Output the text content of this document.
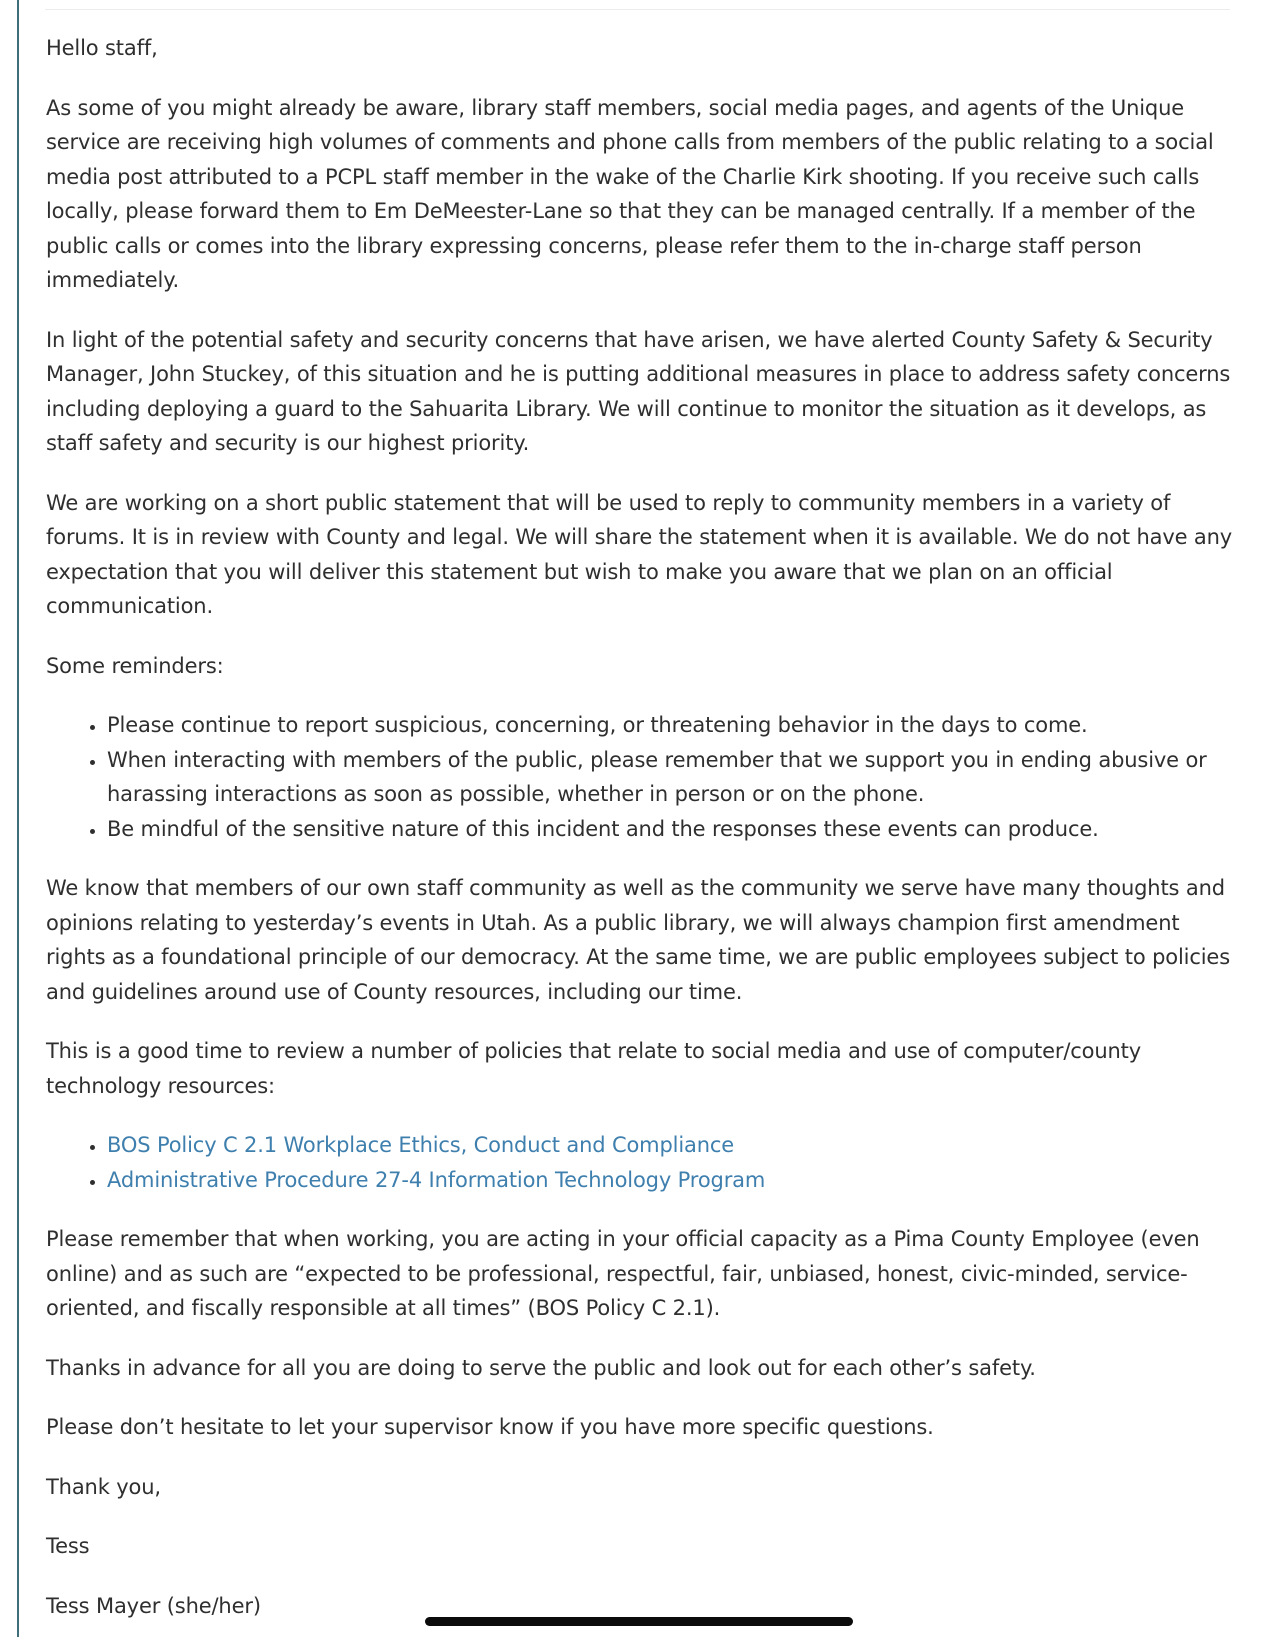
Hello staff,

As some of you might already be aware, library staff members, social media pages, and agents of the Unique service are receiving high volumes of comments and phone calls from members of the public relating to a social media post attributed to a PCPL staff member in the wake of the Charlie Kirk shooting. If you receive such calls locally, please forward them to Em DeMeester-Lane so that they can be managed centrally. If a member of the public calls or comes into the library expressing concerns, please refer them to the in-charge staff person immediately.

In light of the potential safety and security concerns that have arisen, we have alerted County Safety & Security Manager, John Stuckey, of this situation and he is putting additional measures in place to address safety concerns including deploying a guard to the Sahuarita Library. We will continue to monitor the situation as it develops, as staff safety and security is our highest priority.

We are working on a short public statement that will be used to reply to community members in a variety of forums. It is in review with County and legal. We will share the statement when it is available. We do not have any expectation that you will deliver this statement but wish to make you aware that we plan on an official communication.

Some reminders:

• Please continue to report suspicious, concerning, or threatening behavior in the days to come.
• When interacting with members of the public, please remember that we support you in ending abusive or harassing interactions as soon as possible, whether in person or on the phone.
• Be mindful of the sensitive nature of this incident and the responses these events can produce.

We know that members of our own staff community as well as the community we serve have many thoughts and opinions relating to yesterday’s events in Utah. As a public library, we will always champion first amendment rights as a foundational principle of our democracy. At the same time, we are public employees subject to policies and guidelines around use of County resources, including our time.

This is a good time to review a number of policies that relate to social media and use of computer/county technology resources:

• BOS Policy C 2.1 Workplace Ethics, Conduct and Compliance
• Administrative Procedure 27-4 Information Technology Program

Please remember that when working, you are acting in your official capacity as a Pima County Employee (even online) and as such are “expected to be professional, respectful, fair, unbiased, honest, civic-minded, service-oriented, and fiscally responsible at all times” (BOS Policy C 2.1).

Thanks in advance for all you are doing to serve the public and look out for each other’s safety.

Please don’t hesitate to let your supervisor know if you have more specific questions.

Thank you,

Tess

Tess Mayer (she/her)
